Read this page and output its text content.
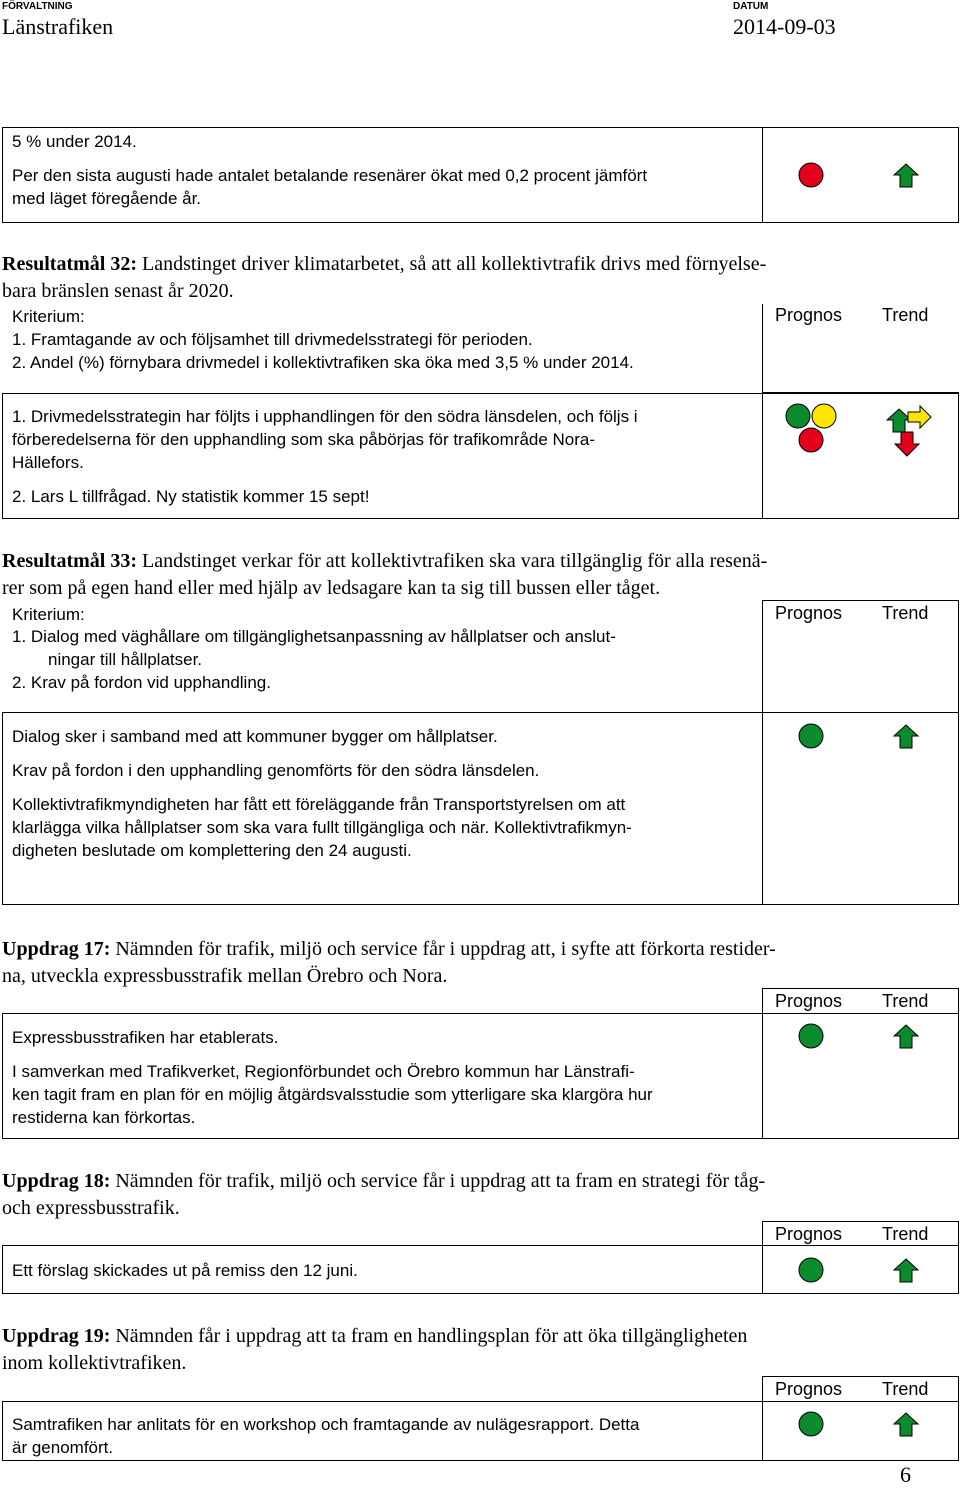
FÖRVALTNING
Länstrafiken
DATUM
2014-09-03
5 % under 2014.
Per den sista augusti hade antalet betalande resenärer ökat med 0,2 procent jämfört
med läget föregående år.
Resultatmål 32: Landstinget driver klimatarbetet, så att all kollektivtrafik drivs med förnyelse-
bara bränslen senast år 2020.
Kriterium:	Prognos Trend
1. Framtagande av och följsamhet till drivmedelsstrategi för perioden.
2. Andel (%) förnybara drivmedel i kollektivtrafiken ska öka med 3,5 % under 2014.
1. Drivmedelsstrategin har följts i upphandlingen för den södra länsdelen, och följs i
förberedelserna för den upphandling som ska påbörjas för trafikområde Nora-
Hällefors.
2. Lars L tillfrågad. Ny statistik kommer 15 sept!
Resultatmål 33: Landstinget verkar för att kollektivtrafiken ska vara tillgänglig för alla resenä-
rer som på egen hand eller med hjälp av ledsagare kan ta sig till bussen eller tåget.
Kriterium:	Prognos Trend
1. Dialog med väghållare om tillgänglighetsanpassning av hållplatser och anslut-
ningar till hållplatser.
2. Krav på fordon vid upphandling.
Dialog sker i samband med att kommuner bygger om hållplatser.
Krav på fordon i den upphandling genomförts för den södra länsdelen.
Kollektivtrafikmyndigheten har fått ett föreläggande från Transportstyrelsen om att
klarlägga vilka hållplatser som ska vara fullt tillgängliga och när. Kollektivtrafikmyn-
digheten beslutade om komplettering den 24 augusti.
Uppdrag 17: Nämnden för trafik, miljö och service får i uppdrag att, i syfte att förkorta restider-
na, utveckla expressbusstrafik mellan Örebro och Nora.
Prognos Trend
Expressbusstrafiken har etablerats.
I samverkan med Trafikverket, Regionförbundet och Örebro kommun har Länstrafi-
ken tagit fram en plan för en möjlig åtgärdsvalsstudie som ytterligare ska klargöra hur
restiderna kan förkortas.
Uppdrag 18: Nämnden för trafik, miljö och service får i uppdrag att ta fram en strategi för tåg-
och expressbusstrafik.
Prognos Trend
Ett förslag skickades ut på remiss den 12 juni.
Uppdrag 19: Nämnden får i uppdrag att ta fram en handlingsplan för att öka tillgängligheten
inom kollektivtrafiken.
Prognos Trend
Samtrafiken har anlitats för en workshop och framtagande av nulägesrapport. Detta
är genomfört.
6
